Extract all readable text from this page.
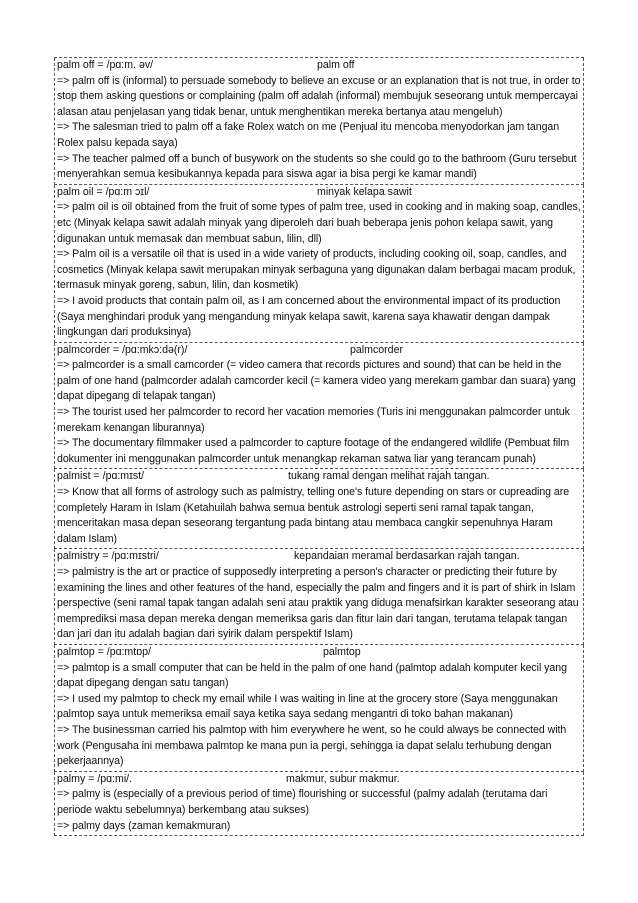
palm off = /pɑ:m. əv/	palm off
=> palm off is (informal) to persuade somebody to believe an excuse or an explanation that is not true, in order to stop them asking questions or complaining (palm off adalah (informal) membujuk seseorang untuk mempercayai alasan atau penjelasan yang tidak benar, untuk menghentikan mereka bertanya atau mengeluh)
=> The salesman tried to palm off a fake Rolex watch on me (Penjual itu mencoba menyodorkan jam tangan Rolex palsu kepada saya)
=> The teacher palmed off a bunch of busywork on the students so she could go to the bathroom (Guru tersebut menyerahkan semua kesibukannya kepada para siswa agar ia bisa pergi ke kamar mandi)
palm oil = /pɑ:m ɔɪl/	minyak kelapa sawit
=> palm oil is oil obtained from the fruit of some types of palm tree, used in cooking and in making soap, candles, etc (Minyak kelapa sawit adalah minyak yang diperoleh dari buah beberapa jenis pohon kelapa sawit, yang digunakan untuk memasak dan membuat sabun, lilin, dll)
=> Palm oil is a versatile oil that is used in a wide variety of products, including cooking oil, soap, candles, and cosmetics (Minyak kelapa sawit merupakan minyak serbaguna yang digunakan dalam berbagai macam produk, termasuk minyak goreng, sabun, lilin, dan kosmetik)
=> I avoid products that contain palm oil, as I am concerned about the environmental impact of its production (Saya menghindari produk yang mengandung minyak kelapa sawit, karena saya khawatir dengan dampak lingkungan dari produksinya)
palmcorder = /pɑ:mkɔ:də(r)/	palmcorder
=> palmcorder is a small camcorder (= video camera that records pictures and sound) that can be held in the palm of one hand (palmcorder adalah camcorder kecil (= kamera video yang merekam gambar dan suara) yang dapat dipegang di telapak tangan)
=> The tourist used her palmcorder to record her vacation memories (Turis ini menggunakan palmcorder untuk merekam kenangan liburannya)
=> The documentary filmmaker used a palmcorder to capture footage of the endangered wildlife (Pembuat film dokumenter ini menggunakan palmcorder untuk menangkap rekaman satwa liar yang terancam punah)
palmist = /pɑ:mɪst/	tukang ramal dengan melihat rajah tangan.
=> Know that all forms of astrology such as palmistry, telling one's future depending on stars or cupreading are completely Haram in Islam (Ketahuilah bahwa semua bentuk astrologi seperti seni ramal tapak tangan, menceritakan masa depan seseorang tergantung pada bintang atau membaca cangkir sepenuhnya Haram dalam Islam)
palmistry = /pɑ:mɪstri/	kepandaian meramal berdasarkan rajah tangan.
=> palmistry is the art or practice of supposedly interpreting a person's character or predicting their future by examining the lines and other features of the hand, especially the palm and fingers and it is part of shirk in Islam perspective (seni ramal tapak tangan adalah seni atau praktik yang diduga menafsirkan karakter seseorang atau memprediksi masa depan mereka dengan memeriksa garis dan fitur lain dari tangan, terutama telapak tangan dan jari dan itu adalah bagian dari syirik dalam perspektif Islam)
palmtop = /pɑ:mtɒp/	palmtop
=> palmtop is a small computer that can be held in the palm of one hand (palmtop adalah komputer kecil yang dapat dipegang dengan satu tangan)
=> I used my palmtop to check my email while I was waiting in line at the grocery store (Saya menggunakan palmtop saya untuk memeriksa email saya ketika saya sedang mengantri di toko bahan makanan)
=> The businessman carried his palmtop with him everywhere he went, so he could always be connected with work (Pengusaha ini membawa palmtop ke mana pun ia pergi, sehingga ia dapat selalu terhubung dengan pekerjaannya)
palmy = /pɑ:mi/.	makmur, subur makmur.
=> palmy is (especially of a previous period of time) flourishing or successful (palmy adalah (terutama dari periode waktu sebelumnya) berkembang atau sukses)
=> palmy days (zaman kemakmuran)
